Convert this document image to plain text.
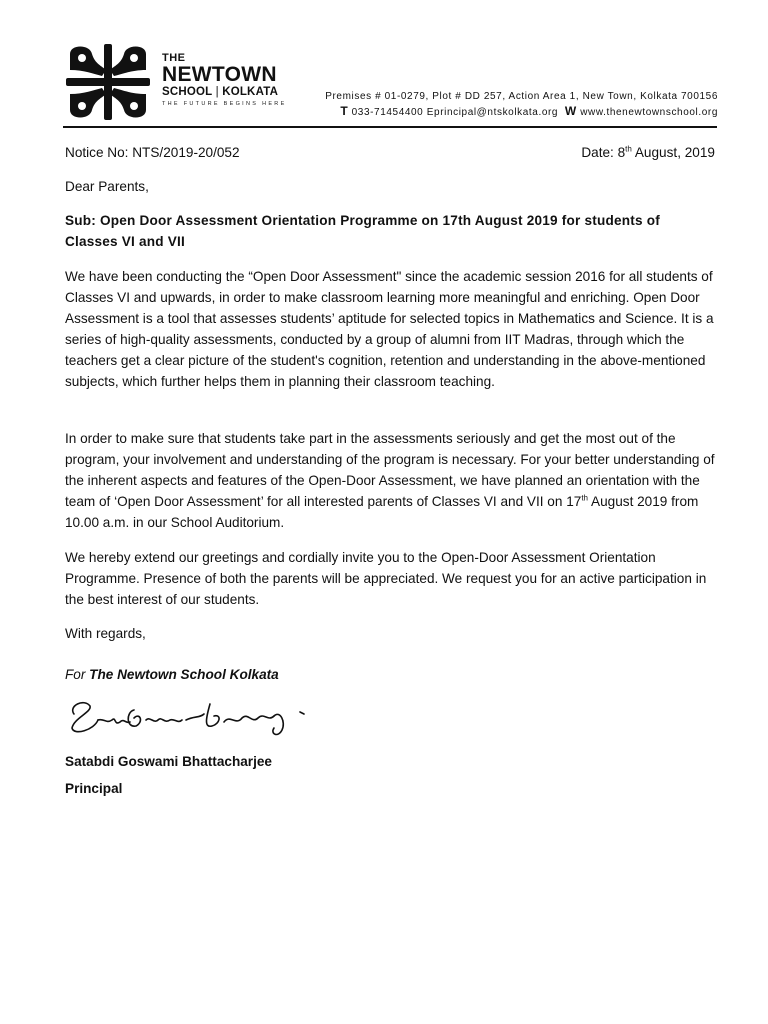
THE
NEWTOWN
SCHOOL | KOLKATA
THE FUTURE BEGINS HERE
Premises # 01-0279, Plot # DD 257, Action Area 1, New Town, Kolkata 700156
T 033-71454400 Eprincipal@ntskolkata.org W www.thenewtownschool.org
Notice No: NTS/2019-20/052	Date: 8th August, 2019
Dear Parents,
Sub: Open Door Assessment Orientation Programme on 17th August 2019 for students of Classes VI and VII
We have been conducting the “Open Door Assessment" since the academic session 2016 for all students of Classes VI and upwards, in order to make classroom learning more meaningful and enriching. Open Door Assessment is a tool that assesses students’ aptitude for selected topics in Mathematics and Science. It is a series of high-quality assessments, conducted by a group of alumni from IIT Madras, through which the teachers get a clear picture of the student's cognition, retention and understanding in the above-mentioned subjects, which further helps them in planning their classroom teaching.
In order to make sure that students take part in the assessments seriously and get the most out of the program, your involvement and understanding of the program is necessary. For your better understanding of the inherent aspects and features of the Open-Door Assessment, we have planned an orientation with the team of ‘Open Door Assessment’ for all interested parents of Classes VI and VII on 17th August 2019 from 10.00 a.m. in our School Auditorium.
We hereby extend our greetings and cordially invite you to the Open-Door Assessment Orientation Programme. Presence of both the parents will be appreciated. We request you for an active participation in the best interest of our students.
With regards,
For The Newtown School Kolkata
Satabdi Goswami Bhattacharjee
Satabdi Goswami Bhattacharjee
Principal
